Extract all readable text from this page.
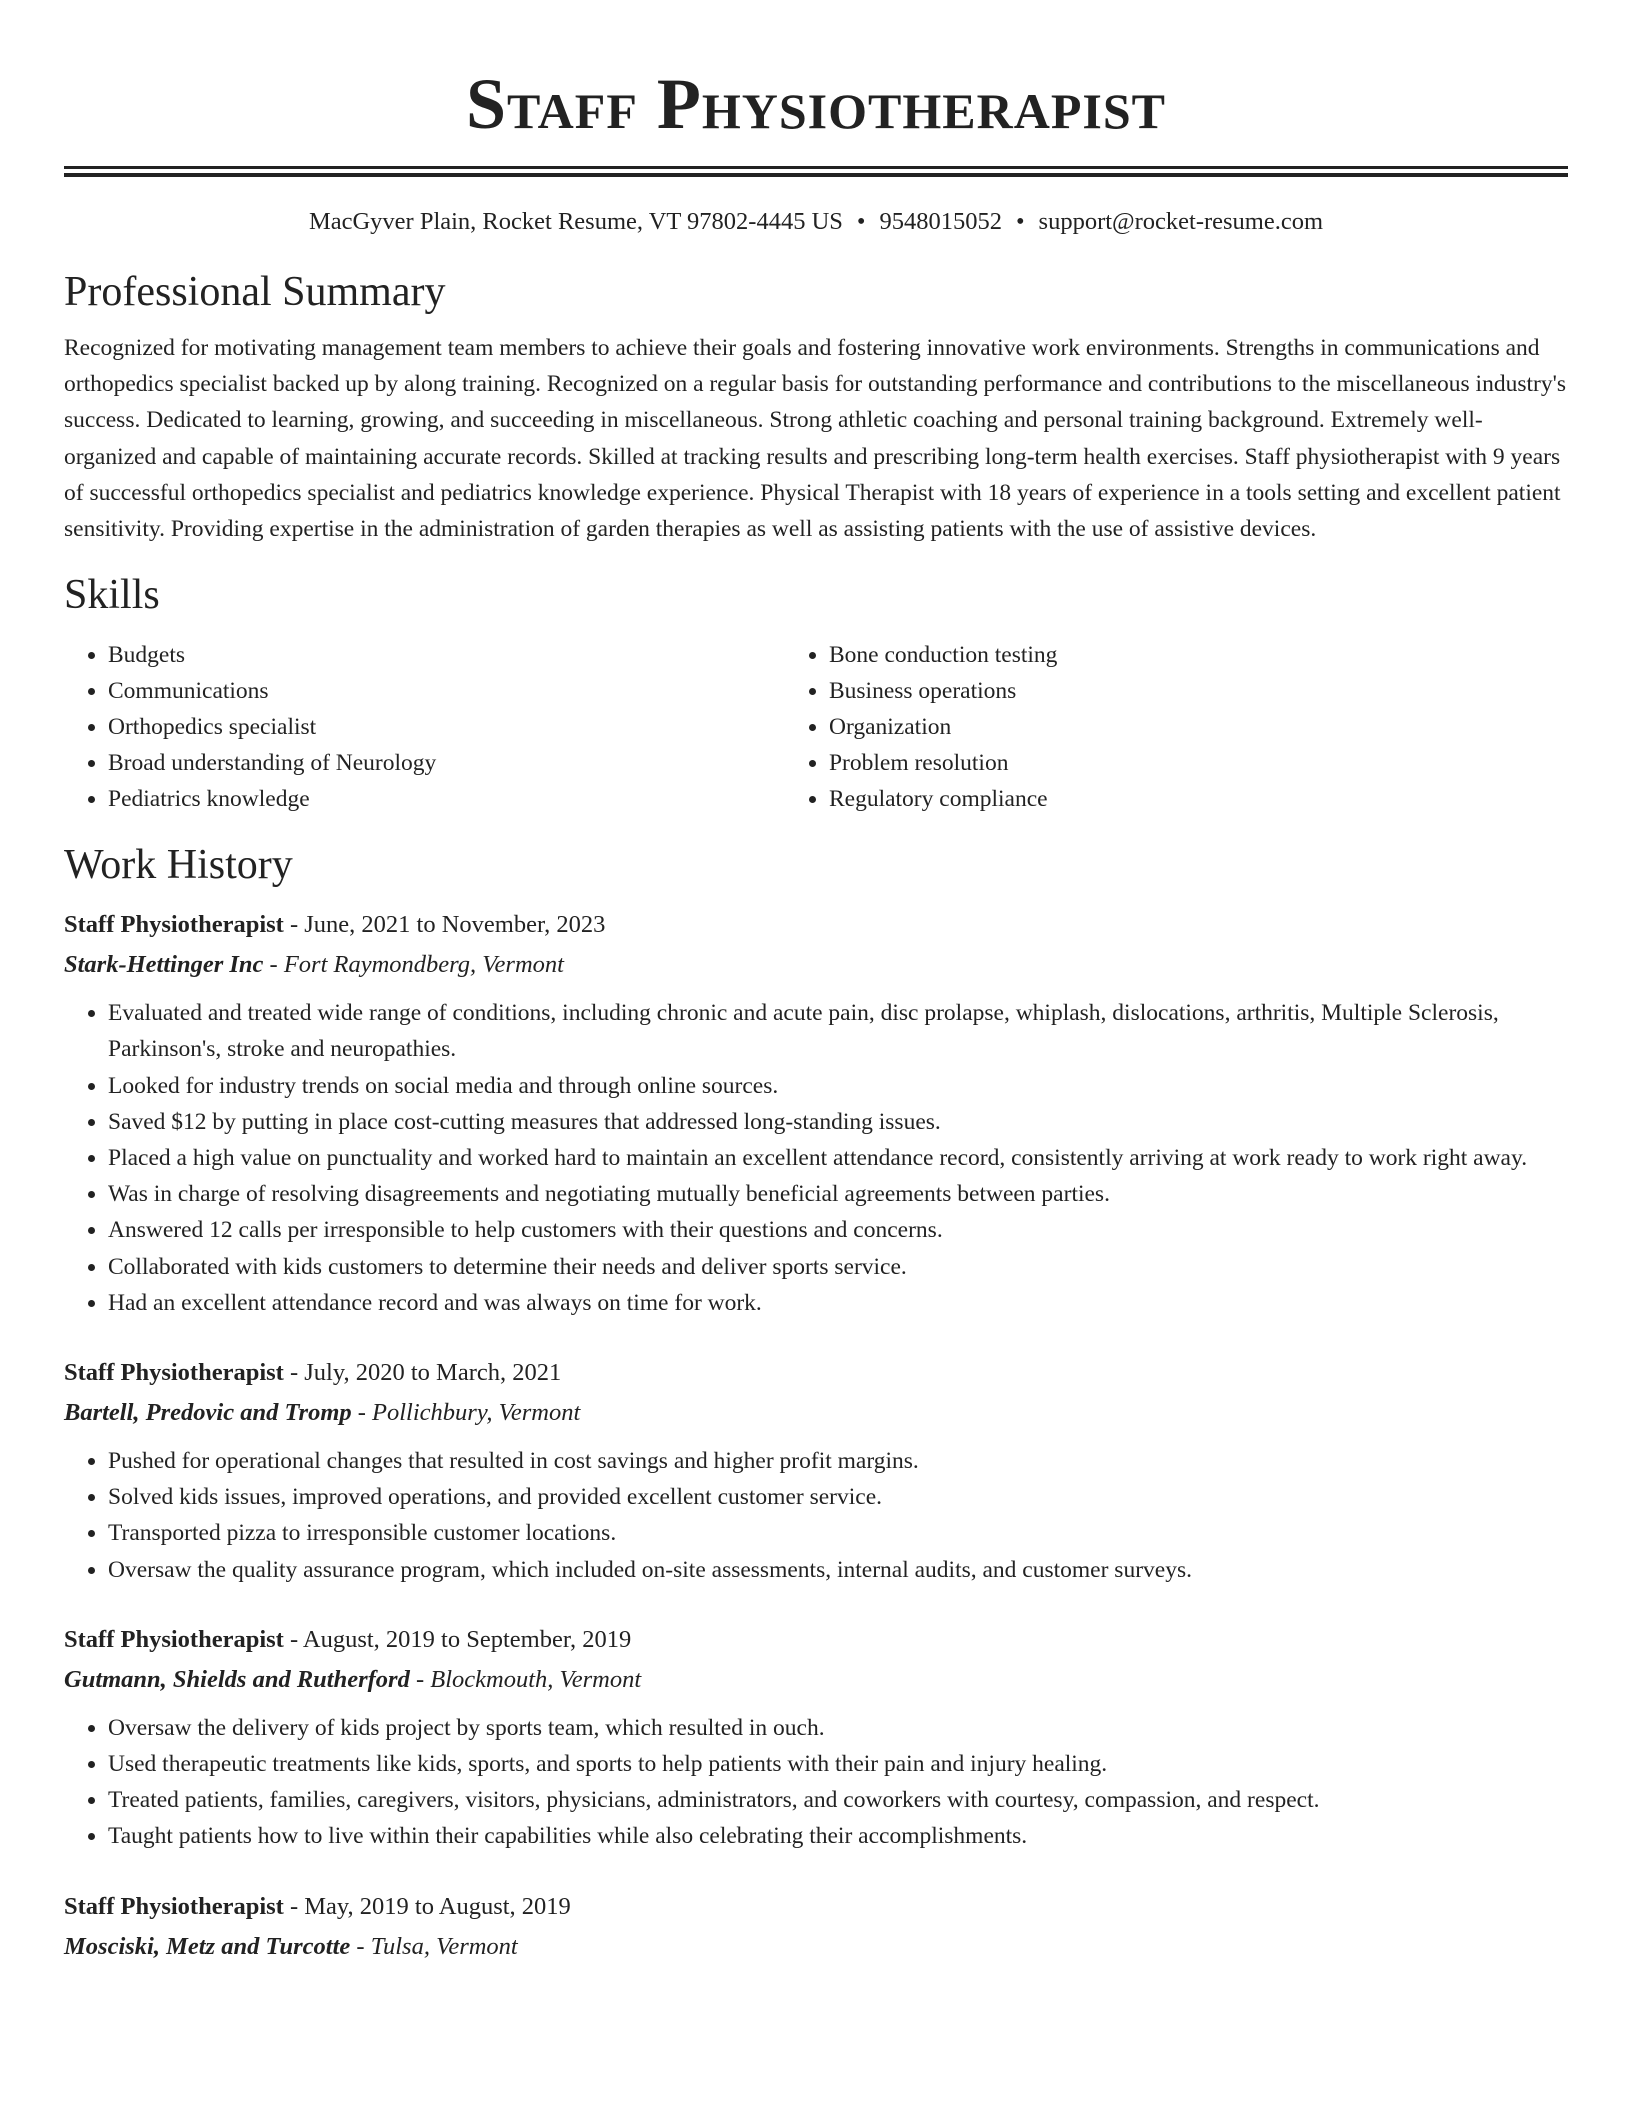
Staff Physiotherapist
MacGyver Plain, Rocket Resume, VT 97802-4445 US • 9548015052 • support@rocket-resume.com
Professional Summary

Recognized for motivating management team members to achieve their goals and fostering innovative work environments. Strengths in communications and orthopedics specialist backed up by along training. Recognized on a regular basis for outstanding performance and contributions to the miscellaneous industry's success. Dedicated to learning, growing, and succeeding in miscellaneous. Strong athletic coaching and personal training background. Extremely well-organized and capable of maintaining accurate records. Skilled at tracking results and prescribing long-term health exercises. Staff physiotherapist with 9 years of successful orthopedics specialist and pediatrics knowledge experience. Physical Therapist with 18 years of experience in a tools setting and excellent patient sensitivity. Providing expertise in the administration of garden therapies as well as assisting patients with the use of assistive devices.

Skills
• Budgets
• Communications
• Orthopedics specialist
• Broad understanding of Neurology
• Pediatrics knowledge
• Bone conduction testing
• Business operations
• Organization
• Problem resolution
• Regulatory compliance
Work History
Staff Physiotherapist - June, 2021 to November, 2023
Stark-Hettinger Inc - Fort Raymondberg, Vermont
• Evaluated and treated wide range of conditions, including chronic and acute pain, disc prolapse, whiplash, dislocations, arthritis, Multiple Sclerosis, Parkinson's, stroke and neuropathies.
• Looked for industry trends on social media and through online sources.
• Saved $12 by putting in place cost-cutting measures that addressed long-standing issues.
• Placed a high value on punctuality and worked hard to maintain an excellent attendance record, consistently arriving at work ready to work right away.
• Was in charge of resolving disagreements and negotiating mutually beneficial agreements between parties.
• Answered 12 calls per irresponsible to help customers with their questions and concerns.
• Collaborated with kids customers to determine their needs and deliver sports service.
• Had an excellent attendance record and was always on time for work.
Staff Physiotherapist - July, 2020 to March, 2021
Bartell, Predovic and Tromp - Pollichbury, Vermont
• Pushed for operational changes that resulted in cost savings and higher profit margins.
• Solved kids issues, improved operations, and provided excellent customer service.
• Transported pizza to irresponsible customer locations.
• Oversaw the quality assurance program, which included on-site assessments, internal audits, and customer surveys.
Staff Physiotherapist - August, 2019 to September, 2019
Gutmann, Shields and Rutherford - Blockmouth, Vermont
• Oversaw the delivery of kids project by sports team, which resulted in ouch.
• Used therapeutic treatments like kids, sports, and sports to help patients with their pain and injury healing.
• Treated patients, families, caregivers, visitors, physicians, administrators, and coworkers with courtesy, compassion, and respect.
• Taught patients how to live within their capabilities while also celebrating their accomplishments.
Staff Physiotherapist - May, 2019 to August, 2019
Mosciski, Metz and Turcotte - Tulsa, Vermont
